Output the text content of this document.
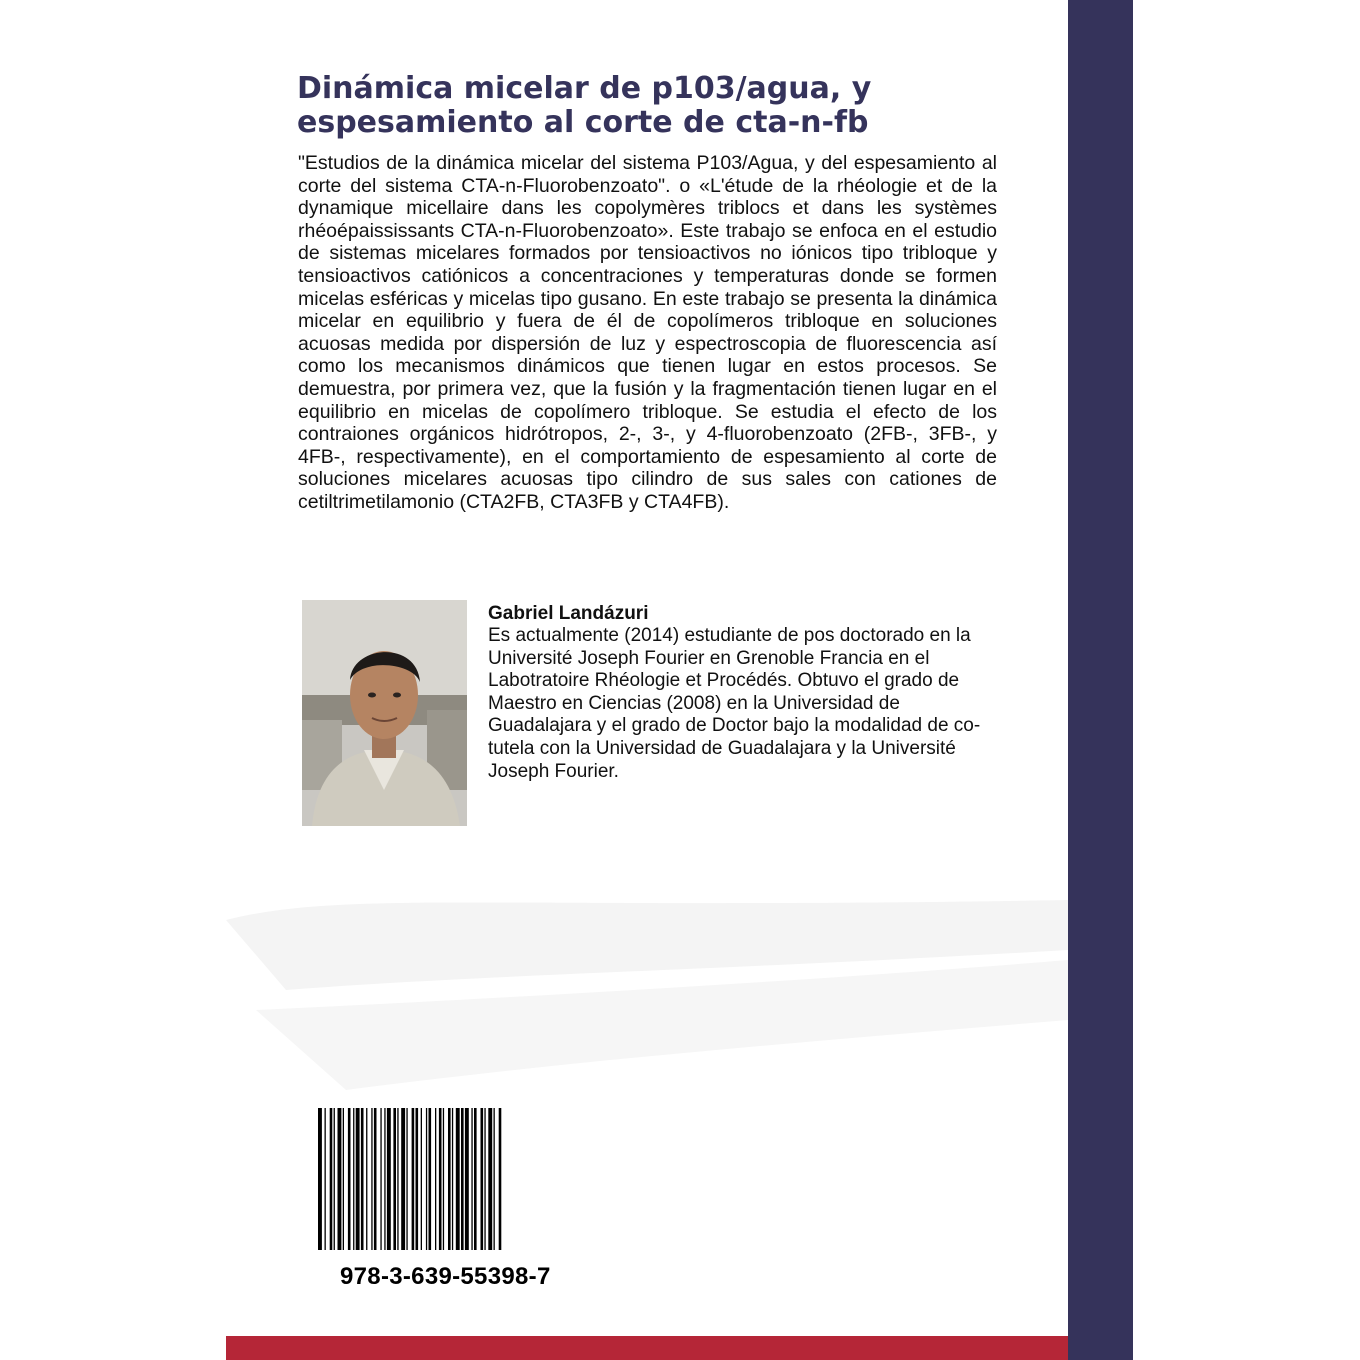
Dinámica micelar de p103/agua, y espesamiento al corte de cta-n-fb

"Estudios de la dinámica micelar del sistema P103/Agua, y del espesamiento al corte del sistema CTA-n-Fluorobenzoato". o «L'étude de la rhéologie et de la dynamique micellaire dans les copolymères triblocs et dans les systèmes rhéoépaississants CTA-n-Fluorobenzoato». Este trabajo se enfoca en el estudio de sistemas micelares formados por tensioactivos no iónicos tipo tribloque y tensioactivos catiónicos a concentraciones y temperaturas donde se formen micelas esféricas y micelas tipo gusano. En este trabajo se presenta la dinámica micelar en equilibrio y fuera de él de copolímeros tribloque en soluciones acuosas medida por dispersión de luz y espectroscopia de fluorescencia así como los mecanismos dinámicos que tienen lugar en estos procesos. Se demuestra, por primera vez, que la fusión y la fragmentación tienen lugar en el equilibrio en micelas de copolímero tribloque. Se estudia el efecto de los contraiones orgánicos hidrótropos, 2-, 3-, y 4-fluorobenzoato (2FB-, 3FB-, y 4FB-, respectivamente), en el comportamiento de espesamiento al corte de soluciones micelares acuosas tipo cilindro de sus sales con cationes de cetiltrimetilamonio (CTA2FB, CTA3FB y CTA4FB).

Gabriel Landázuri

Es actualmente (2014) estudiante de pos doctorado en la Université Joseph Fourier en Grenoble Francia en el Labotratoire Rhéologie et Procédés. Obtuvo el grado de Maestro en Ciencias (2008) en la Universidad de Guadalajara y el grado de Doctor bajo la modalidad de co-tutela con la Universidad de Guadalajara y la Université Joseph Fourier.

978-3-639-55398-7
